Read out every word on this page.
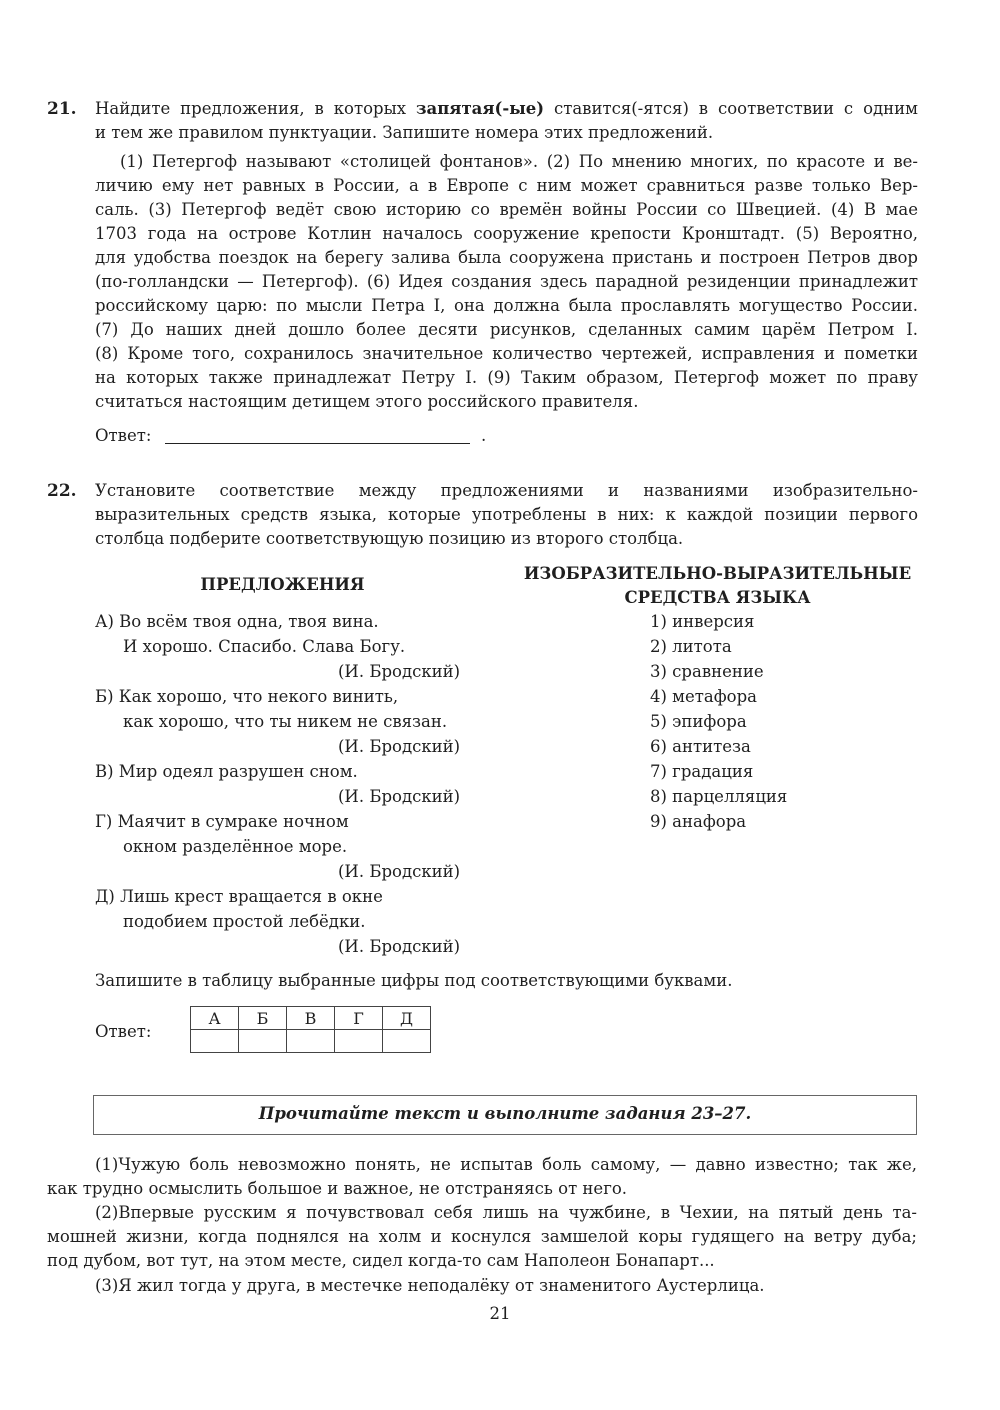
21. Найдите предложения, в которых запятая(-ые) ставится(-ятся) в соответствии с одним
и тем же правилом пунктуации. Запишите номера этих предложений.
(1) Петергоф называют «столицей фонтанов». (2) По мнению многих, по красоте и ве-
личию ему нет равных в России, а в Европе с ним может сравниться разве только Вер-
саль. (3) Петергоф ведёт свою историю со времён войны России со Швецией. (4) В мае
1703 года на острове Котлин началось сооружение крепости Кронштадт. (5) Вероятно,
для удобства поездок на берегу залива была сооружена пристань и построен Петров двор
(по-голландски — Петергоф). (6) Идея создания здесь парадной резиденции принадлежит
российскому царю: по мысли Петра I, она должна была прославлять могущество России.
(7) До наших дней дошло более десяти рисунков, сделанных самим царём Петром I.
(8) Кроме того, сохранилось значительное количество чертежей, исправления и пометки
на которых также принадлежат Петру I. (9) Таким образом, Петергоф может по праву
считаться настоящим детищем этого российского правителя.
Ответ:	.
22. Установите соответствие между предложениями и названиями изобразительно-
выразительных средств языка, которые употреблены в них: к каждой позиции первого
столбца подберите соответствующую позицию из второго столбца.
ПРЕДЛОЖЕНИЯ
ИЗОБРАЗИТЕЛЬНО-ВЫРАЗИТЕЛЬНЫЕ
СРЕДСТВА ЯЗЫКА
А) Во всём твоя одна, твоя вина.
И хорошо. Спасибо. Слава Богу.
(И. Бродский)
Б) Как хорошо, что некого винить,
как хорошо, что ты никем не связан.
(И. Бродский)
В) Мир одеял разрушен сном.
(И. Бродский)
Г) Маячит в сумраке ночном
окном разделённое море.
(И. Бродский)
Д) Лишь крест вращается в окне
подобием простой лебёдки.
(И. Бродский)
1) инверсия
2) литота
3) сравнение
4) метафора
5) эпифора
6) антитеза
7) градация
8) парцелляция
9) анафора
Запишите в таблицу выбранные цифры под соответствующими буквами.
Ответ:
А	Б	В	Г	Д

Прочитайте текст и выполните задания 23–27.
(1)Чужую боль невозможно понять, не испытав боль самому, — давно известно; так же,
как трудно осмыслить большое и важное, не отстраняясь от него.
(2)Впервые русским я почувствовал себя лишь на чужбине, в Чехии, на пятый день та-
мошней жизни, когда поднялся на холм и коснулся замшелой коры гудящего на ветру дуба;
под дубом, вот тут, на этом месте, сидел когда-то сам Наполеон Бонапарт...
(3)Я жил тогда у друга, в местечке неподалёку от знаменитого Аустерлица.
21
